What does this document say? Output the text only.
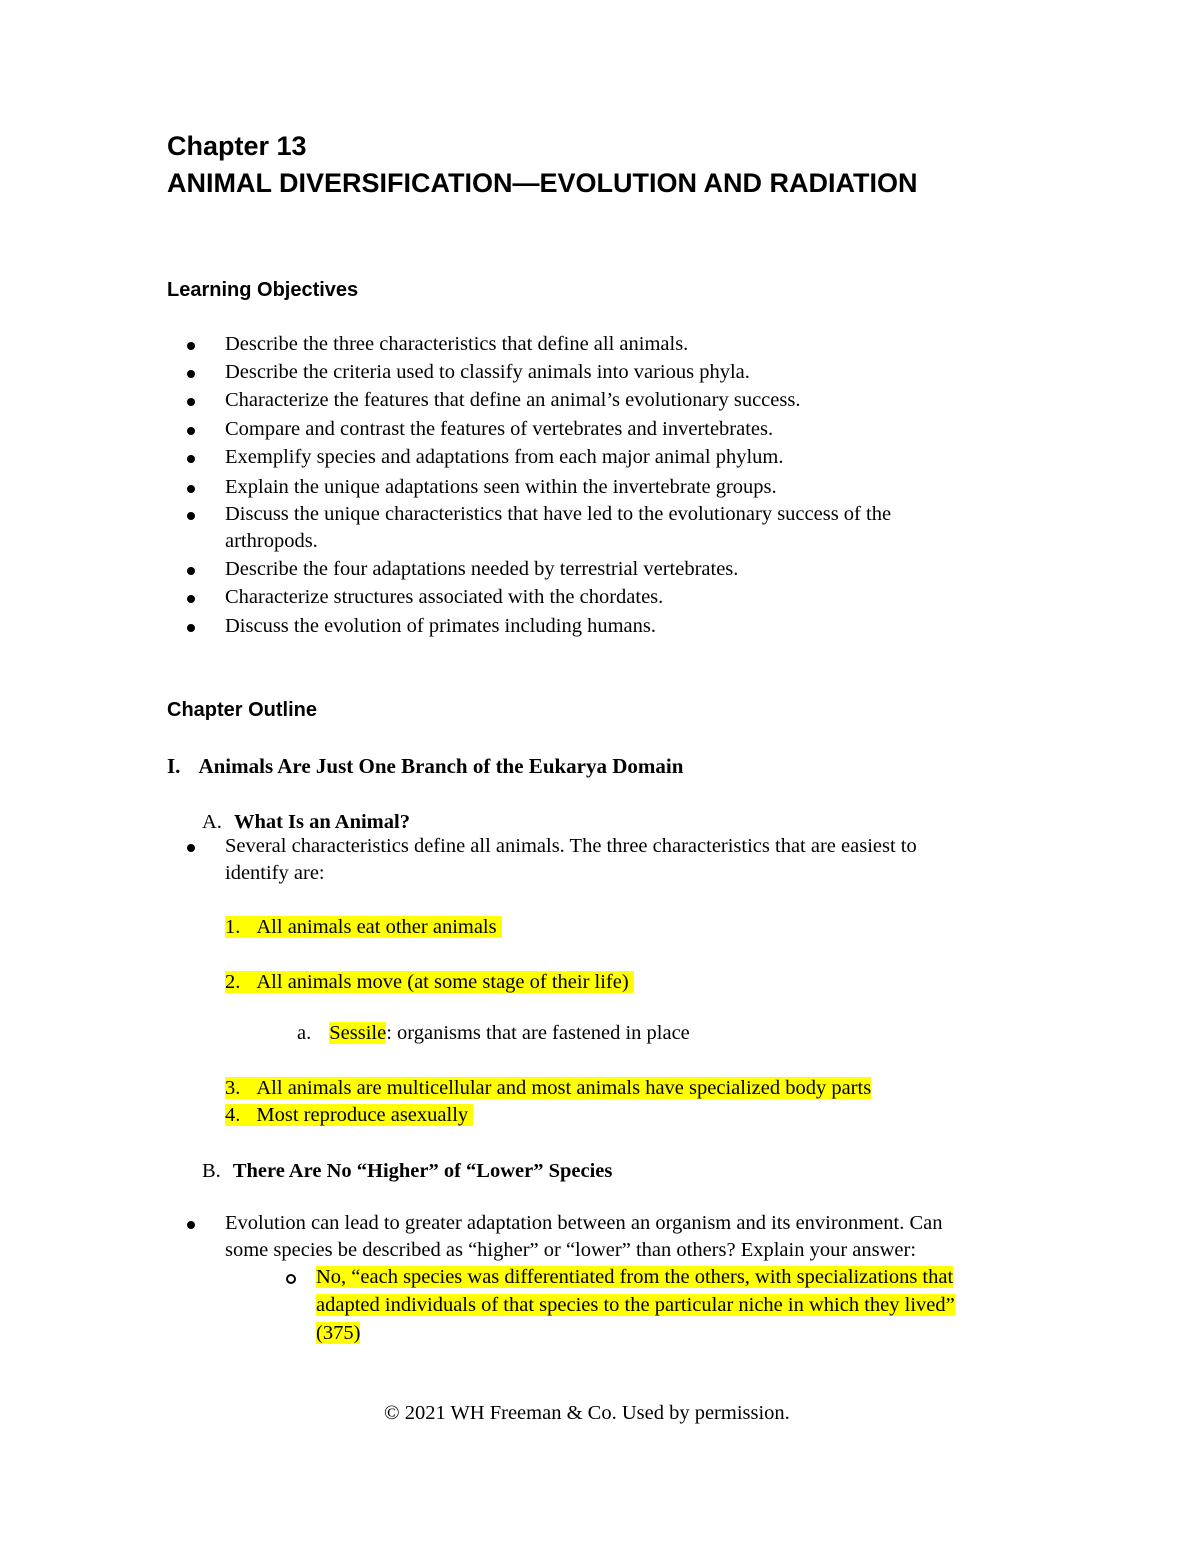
Chapter 13
ANIMAL DIVERSIFICATION—EVOLUTION AND RADIATION
Learning Objectives
Describe the three characteristics that define all animals.
Describe the criteria used to classify animals into various phyla.
Characterize the features that define an animal’s evolutionary success.
Compare and contrast the features of vertebrates and invertebrates.
Exemplify species and adaptations from each major animal phylum.
Explain the unique adaptations seen within the invertebrate groups.
Discuss the unique characteristics that have led to the evolutionary success of the
arthropods.
Describe the four adaptations needed by terrestrial vertebrates.
Characterize structures associated with the chordates.
Discuss the evolution of primates including humans.
Chapter Outline
I. Animals Are Just One Branch of the Eukarya Domain
A. What Is an Animal?
Several characteristics define all animals. The three characteristics that are easiest to
identify are:
1. All animals eat other animals
2. All animals move (at some stage of their life)
a. Sessile: organisms that are fastened in place
3. All animals are multicellular and most animals have specialized body parts
4. Most reproduce asexually
B. There Are No “Higher” of “Lower” Species
Evolution can lead to greater adaptation between an organism and its environment. Can
some species be described as “higher” or “lower” than others? Explain your answer:
No, “each species was differentiated from the others, with specializations that
adapted individuals of that species to the particular niche in which they lived”
(375)
© 2021 WH Freeman & Co. Used by permission.
